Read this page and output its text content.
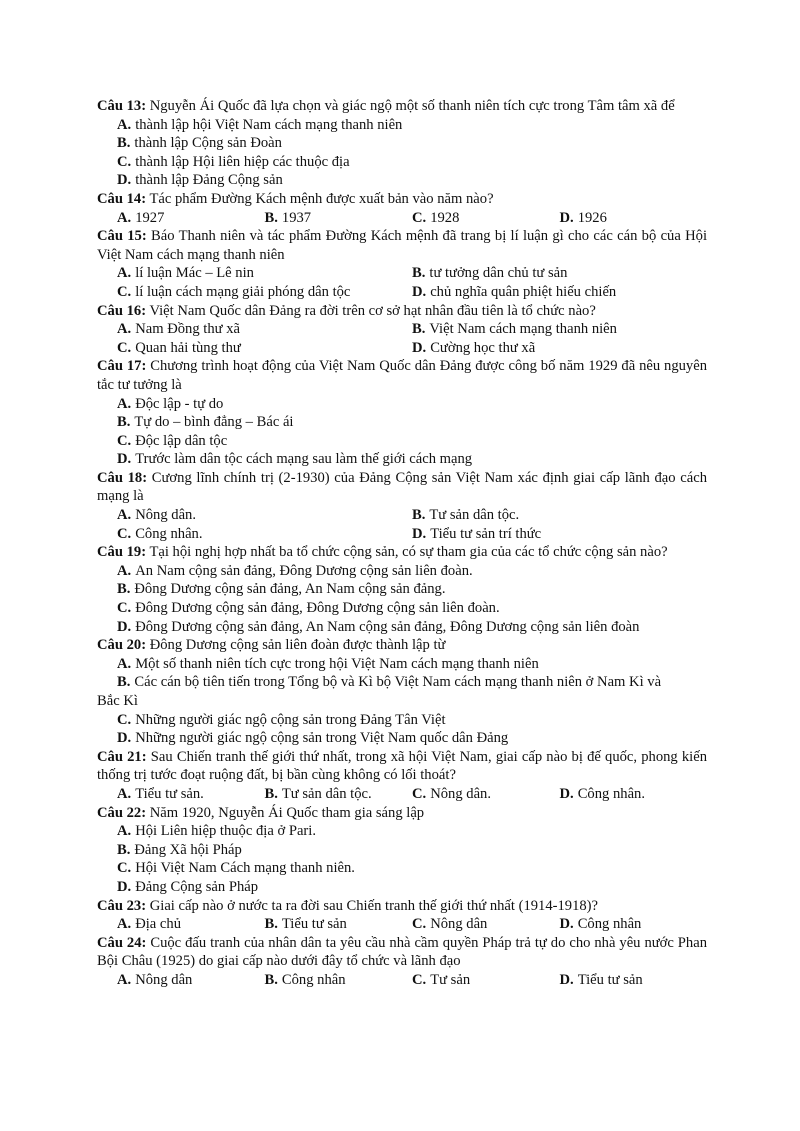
Câu 13: Nguyễn Ái Quốc đã lựa chọn và giác ngộ một số thanh niên tích cực trong Tâm tâm xã để
A. thành lập hội Việt Nam cách mạng thanh niên
B. thành lập Cộng sản Đoàn
C. thành lập Hội liên hiệp các thuộc địa
D. thành lập Đảng Cộng sản
Câu 14: Tác phẩm Đường Kách mệnh được xuất bản vào năm nào?
A. 1927	B. 1937	C. 1928	D. 1926
Câu 15: Báo Thanh niên và tác phẩm Đường Kách mệnh đã trang bị lí luận gì cho các cán bộ của Hội Việt Nam cách mạng thanh niên
A. lí luận Mác – Lê nin	B. tư tưởng dân chủ tư sản
C. lí luận cách mạng giải phóng dân tộc	D. chủ nghĩa quân phiệt hiếu chiến
Câu 16: Việt Nam Quốc dân Đảng ra đời trên cơ sở hạt nhân đầu tiên là tổ chức nào?
A. Nam Đồng thư xã	B. Việt Nam cách mạng thanh niên
C. Quan hải tùng thư	D. Cường học thư xã
Câu 17: Chương trình hoạt động của Việt Nam Quốc dân Đảng được công bố năm 1929 đã nêu nguyên tắc tư tưởng là
A. Độc lập - tự do
B. Tự do – bình đẳng – Bác ái
C. Độc lập dân tộc
D. Trước làm dân tộc cách mạng sau làm thế giới cách mạng
Câu 18: Cương lĩnh chính trị (2-1930) của Đảng Cộng sản Việt Nam xác định giai cấp lãnh đạo cách mạng là
A. Nông dân.	B. Tư sản dân tộc.
C. Công nhân.	D. Tiểu tư sản trí thức
Câu 19: Tại hội nghị hợp nhất ba tổ chức cộng sản, có sự tham gia của các tổ chức cộng sản nào?
A. An Nam cộng sản đảng, Đông Dương cộng sản liên đoàn.
B. Đông Dương cộng sản đảng, An Nam cộng sản đảng.
C. Đông Dương cộng sản đảng, Đông Dương cộng sản liên đoàn.
D. Đông Dương cộng sản đảng, An Nam cộng sản đảng, Đông Dương cộng sản liên đoàn
Câu 20: Đông Dương cộng sản liên đoàn được thành lập từ
A. Một số thanh niên tích cực trong hội Việt Nam cách mạng thanh niên
B. Các cán bộ tiên tiến trong Tổng bộ và Kì bộ Việt Nam cách mạng thanh niên ở Nam Kì và Bắc Kì
C. Những người giác ngộ cộng sản trong Đảng Tân Việt
D. Những người giác ngộ cộng sản trong Việt Nam quốc dân Đảng
Câu 21: Sau Chiến tranh thế giới thứ nhất, trong xã hội Việt Nam, giai cấp nào bị đế quốc, phong kiến thống trị tước đoạt ruộng đất, bị bần cùng không có lối thoát?
A. Tiểu tư sản.	B. Tư sản dân tộc.	C. Nông dân.	D. Công nhân.
Câu 22: Năm 1920, Nguyễn Ái Quốc tham gia sáng lập
A. Hội Liên hiệp thuộc địa ở Pari.
B. Đảng Xã hội Pháp
C. Hội Việt Nam Cách mạng thanh niên.
D. Đảng Cộng sản Pháp
Câu 23: Giai cấp nào ở nước ta ra đời sau Chiến tranh thế giới thứ nhất (1914-1918)?
A. Địa chủ	B. Tiểu tư sản	C. Nông dân	D. Công nhân
Câu 24: Cuộc đấu tranh của nhân dân ta yêu cầu nhà cầm quyền Pháp trả tự do cho nhà yêu nước Phan Bội Châu (1925) do giai cấp nào dưới đây tổ chức và lãnh đạo
A. Nông dân	B. Công nhân	C. Tư sản	D. Tiểu tư sản
